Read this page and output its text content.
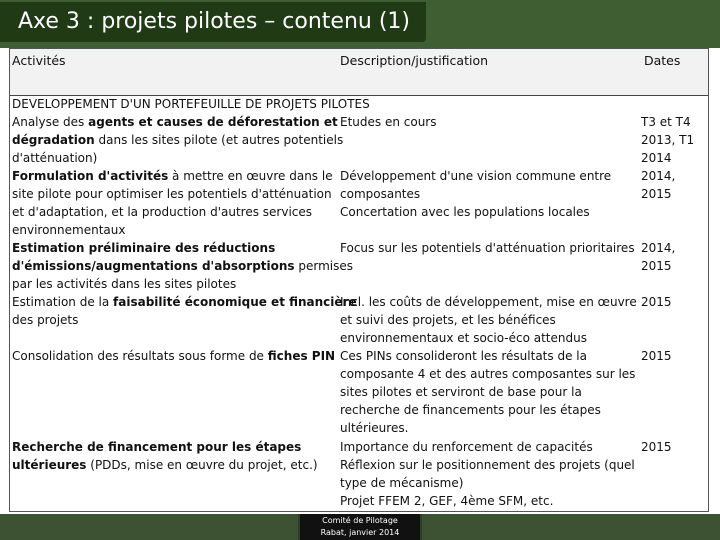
Axe 3 : projets pilotes – contenu (1)
Activités	Description/justification	Dates
DEVELOPPEMENT D'UN PORTEFEUILLE DE PROJETS PILOTES
Analyse des agents et causes de déforestation et
dégradation dans les sites pilote (et autres potentiels
d'atténuation)
Formulation d'activités à mettre en œuvre dans le
site pilote pour optimiser les potentiels d'atténuation
et d'adaptation, et la production d'autres services
environnementaux
Estimation préliminaire des réductions
d'émissions/augmentations d'absorptions permises
par les activités dans les sites pilotes
Estimation de la faisabilité économique et financière
des projets
Consolidation des résultats sous forme de fiches PIN
Recherche de financement pour les étapes
ultérieures (PDDs, mise en œuvre du projet, etc.)
Etudes en cours
Développement d'une vision commune entre
composantes
Concertation avec les populations locales
Focus sur les potentiels d'atténuation prioritaires
Incl. les coûts de développement, mise en œuvre
et suivi des projets, et les bénéfices
environnementaux et socio-éco attendus
Ces PINs consolideront les résultats de la
composante 4 et des autres composantes sur les
sites pilotes et serviront de base pour la
recherche de financements pour les étapes
ultérieures.
Importance du renforcement de capacités
Réflexion sur le positionnement des projets (quel
type de mécanisme)
Projet FFEM 2, GEF, 4ème SFM, etc.
T3 et T4
2013, T1
2014
2014,
2015
2014,
2015
2015
2015
2015
Comité de Pilotage
Rabat, janvier 2014
